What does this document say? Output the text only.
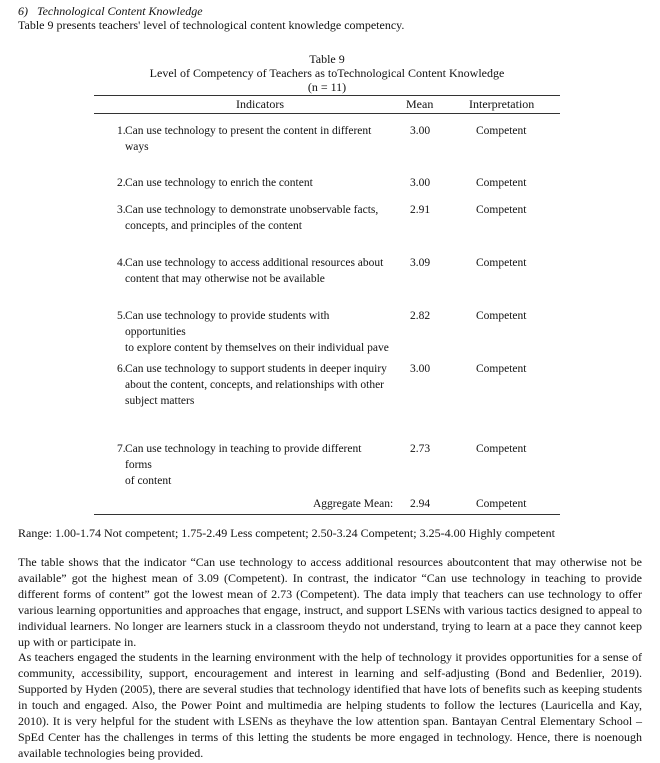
6) Technological Content Knowledge
Table 9 presents teachers' level of technological content knowledge competency.
Table 9
Level of Competency of Teachers as toTechnological Content Knowledge
(n = 11)
Indicators	Mean	Interpretation
1. Can use technology to present the content in different
ways
3.00	Competent
2. Can use technology to enrich the content	3.00	Competent
3. Can use technology to demonstrate unobservable facts,
concepts, and principles of the content
2.91	Competent
4. Can use technology to access additional resources about
content that may otherwise not be available
3.09	Competent
5. Can use technology to provide students with
opportunities
to explore content by themselves on their individual pave
2.82	Competent
6. Can use technology to support students in deeper inquiry
about the content, concepts, and relationships with other
subject matters
3.00	Competent
7. Can use technology in teaching to provide different
forms
of content
2.73	Competent
Aggregate Mean: 2.94	Competent
Range: 1.00-1.74 Not competent; 1.75-2.49 Less competent; 2.50-3.24 Competent; 3.25-4.00 Highly competent

The table shows that the indicator “Can use technology to access additional resources aboutcontent that may otherwise not be available” got the highest mean of 3.09 (Competent). In contrast, the indicator “Can use technology in teaching to provide different forms of content” got the lowest mean of 2.73 (Competent). The data imply that teachers can use technology to offer various learning opportunities and approaches that engage, instruct, and support LSENs with various tactics designed to appeal to individual learners. No longer are learners stuck in a classroom theydo not understand, trying to learn at a pace they cannot keep up with or participate in.

As teachers engaged the students in the learning environment with the help of technology it provides opportunities for a sense of community, accessibility, support, encouragement and interest in learning and self-adjusting (Bond and Bedenlier, 2019). Supported by Hyden (2005), there are several studies that technology identified that have lots of benefits such as keeping students in touch and engaged. Also, the Power Point and multimedia are helping students to follow the lectures (Lauricella and Kay, 2010). It is very helpful for the student with LSENs as theyhave the low attention span. Bantayan Central Elementary School – SpEd Center has the challenges in terms of this letting the students be more engaged in technology. Hence, there is noenough available technologies being provided.
